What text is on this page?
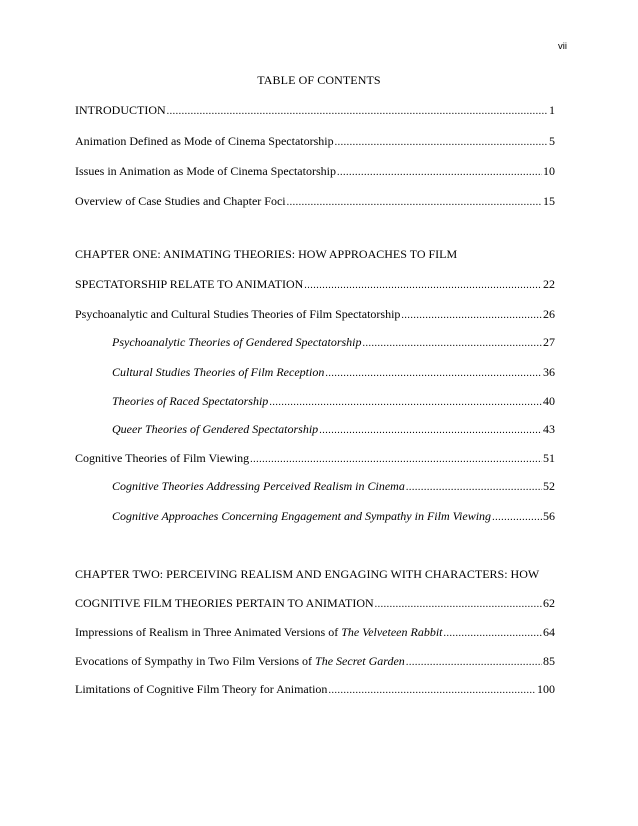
vii
TABLE OF CONTENTS
INTRODUCTION .....	1
Animation Defined as Mode of Cinema Spectatorship .....	5
Issues in Animation as Mode of Cinema Spectatorship .....	10
Overview of Case Studies and Chapter Foci .....	15
CHAPTER ONE: ANIMATING THEORIES: HOW APPROACHES TO FILM
SPECTATORSHIP RELATE TO ANIMATION .....	22
Psychoanalytic and Cultural Studies Theories of Film Spectatorship .....	26
Psychoanalytic Theories of Gendered Spectatorship .....	27
Cultural Studies Theories of Film Reception .....	36
Theories of Raced Spectatorship .....	40
Queer Theories of Gendered Spectatorship .....	43
Cognitive Theories of Film Viewing .....	51
Cognitive Theories Addressing Perceived Realism in Cinema .....	52
Cognitive Approaches Concerning Engagement and Sympathy in Film Viewing .....	56
CHAPTER TWO: PERCEIVING REALISM AND ENGAGING WITH CHARACTERS: HOW
COGNITIVE FILM THEORIES PERTAIN TO ANIMATION .....	62
Impressions of Realism in Three Animated Versions of The Velveteen Rabbit .....	64
Evocations of Sympathy in Two Film Versions of The Secret Garden .....	85
Limitations of Cognitive Film Theory for Animation .....	100
